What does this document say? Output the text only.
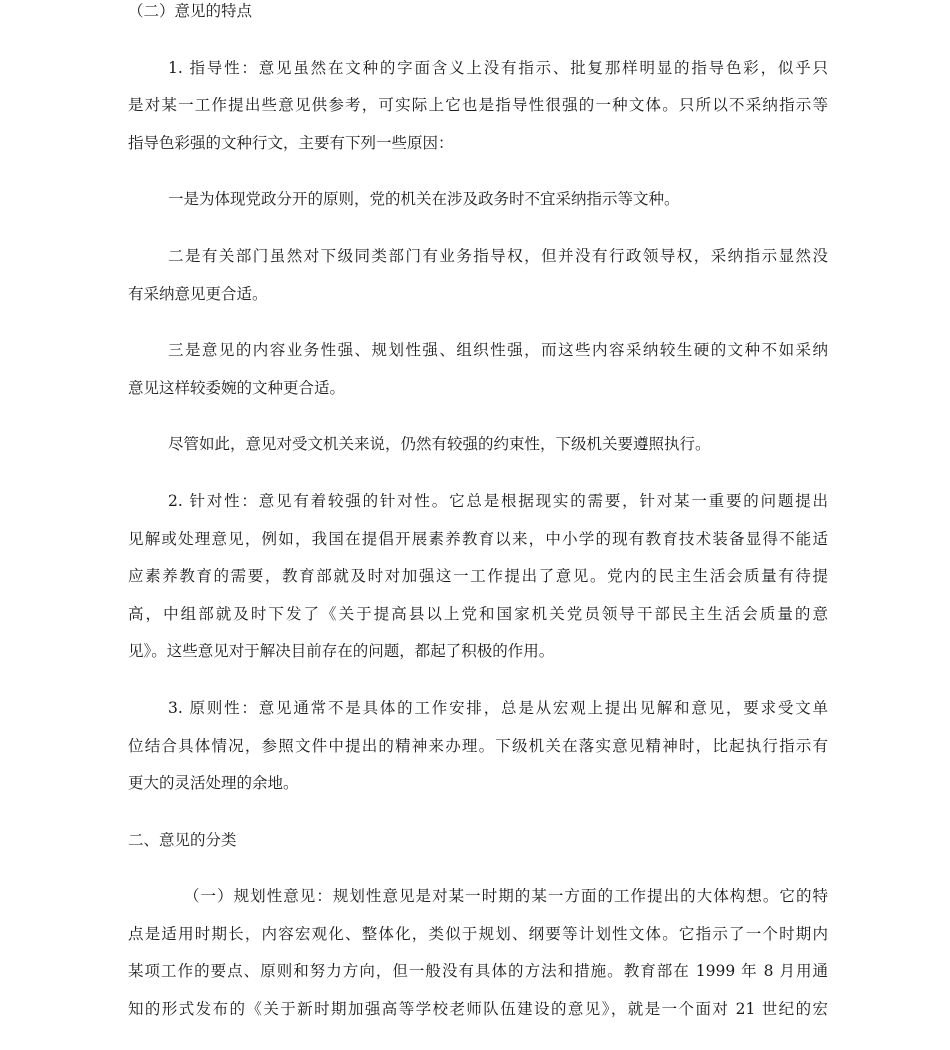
（二）意见的特点
1. 指导性：意见虽然在文种的字面含义上没有指示、批复那样明显的指导色彩，似乎只
是对某一工作提出些意见供参考，可实际上它也是指导性很强的一种文体。只所以不采纳指示等
指导色彩强的文种行文，主要有下列一些原因：
一是为体现党政分开的原则，党的机关在涉及政务时不宜采纳指示等文种。
二是有关部门虽然对下级同类部门有业务指导权，但并没有行政领导权，采纳指示显然没
有采纳意见更合适。
三是意见的内容业务性强、规划性强、组织性强，而这些内容采纳较生硬的文种不如采纳
意见这样较委婉的文种更合适。
尽管如此，意见对受文机关来说，仍然有较强的约束性，下级机关要遵照执行。
2. 针对性：意见有着较强的针对性。它总是根据现实的需要，针对某一重要的问题提出
见解或处理意见，例如，我国在提倡开展素养教育以来，中小学的现有教育技术装备显得不能适
应素养教育的需要，教育部就及时对加强这一工作提出了意见。党内的民主生活会质量有待提
高，中组部就及时下发了《关于提高县以上党和国家机关党员领导干部民主生活会质量的意
见》。这些意见对于解决目前存在的问题，都起了积极的作用。
3. 原则性：意见通常不是具体的工作安排，总是从宏观上提出见解和意见，要求受文单
位结合具体情况，参照文件中提出的精神来办理。下级机关在落实意见精神时，比起执行指示有
更大的灵活处理的余地。
二、意见的分类
（一）规划性意见：规划性意见是对某一时期的某一方面的工作提出的大体构想。它的特
点是适用时期长，内容宏观化、整体化，类似于规划、纲要等计划性文体。它指示了一个时期内
某项工作的要点、原则和努力方向，但一般没有具体的方法和措施。教育部在 1999 年 8 月用通
知的形式发布的《关于新时期加强高等学校老师队伍建设的意见》，就是一个面对 21 世纪的宏
